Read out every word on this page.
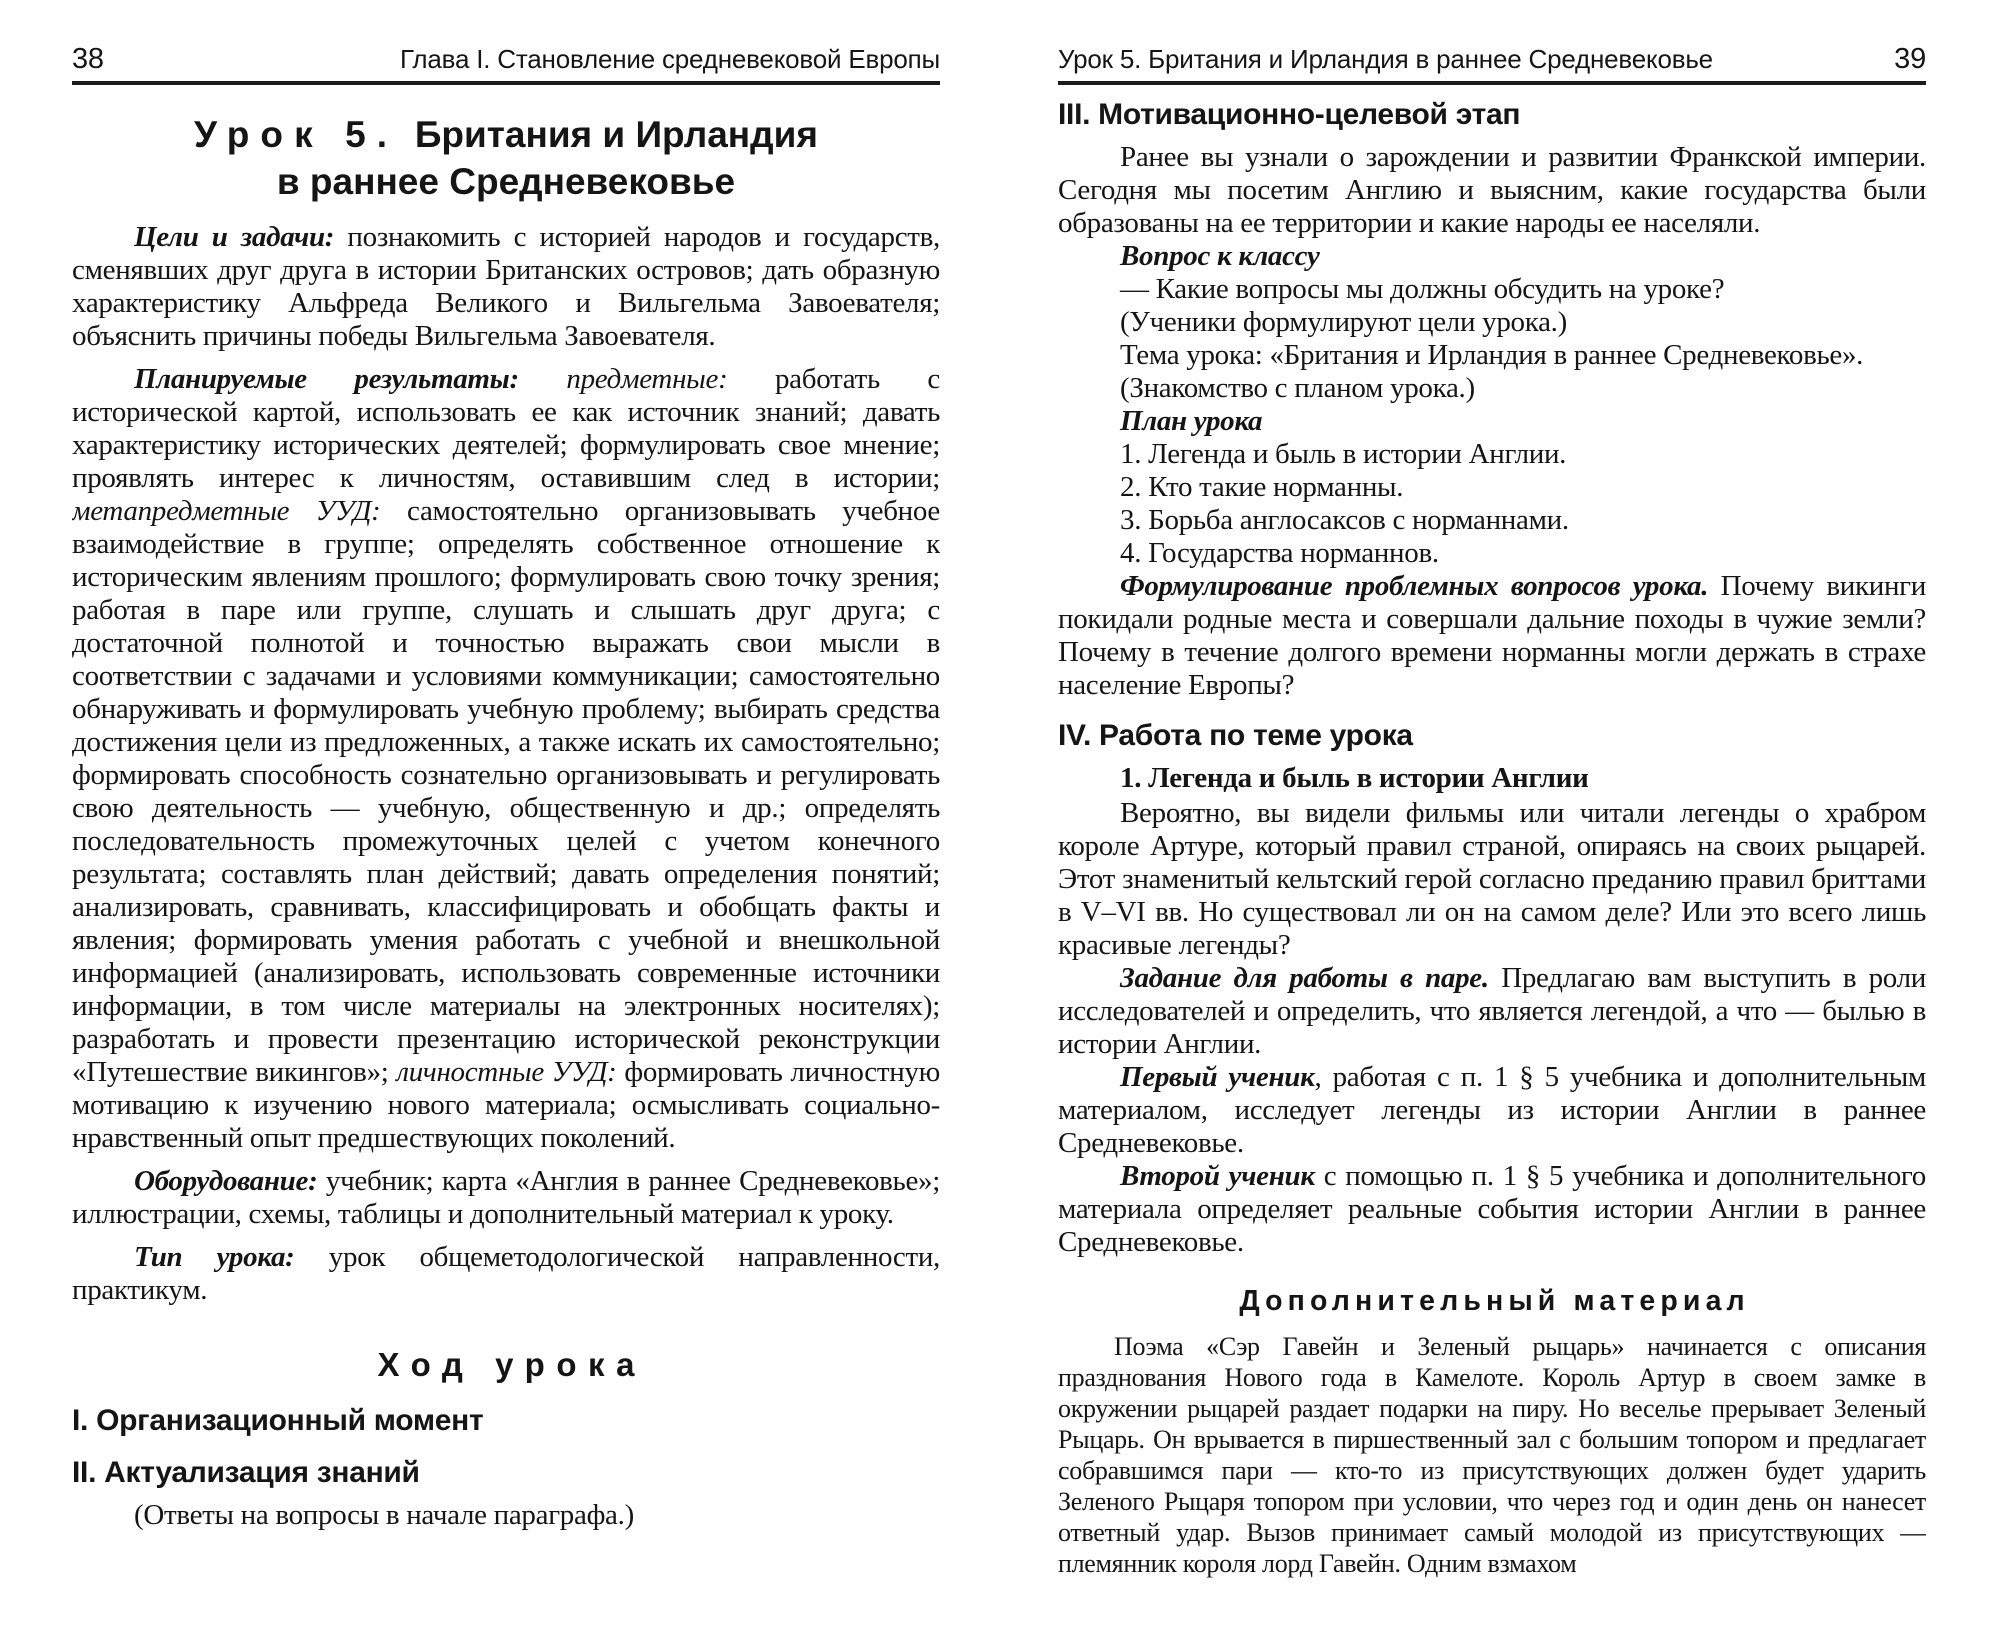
38	Глава I. Становление средневековой Европы
Урок 5. Британия и Ирландия
в раннее Средневековье

Цели и задачи: познакомить с историей народов и государств, сменявших друг друга в истории Британских островов; дать образную характеристику Альфреда Великого и Вильгельма Завоевателя; объяснить причины победы Вильгельма Завоевателя.

Планируемые результаты: предметные: работать с исторической картой, использовать ее как источник знаний; давать характеристику исторических деятелей; формулировать свое мнение; проявлять интерес к личностям, оставившим след в истории; метапредметные УУД: самостоятельно организовывать учебное взаимодействие в группе; определять собственное отношение к историческим явлениям прошлого; формулировать свою точку зрения; работая в паре или группе, слушать и слышать друг друга; с достаточной полнотой и точностью выражать свои мысли в соответствии с задачами и условиями коммуникации; самостоятельно обнаруживать и формулировать учебную проблему; выбирать средства достижения цели из предложенных, а также искать их самостоятельно; формировать способность сознательно организовывать и регулировать свою деятельность — учебную, общественную и др.; определять последовательность промежуточных целей с учетом конечного результата; составлять план действий; давать определения понятий; анализировать, сравнивать, классифицировать и обобщать факты и явления; формировать умения работать с учебной и внешкольной информацией (анализировать, использовать современные источники информации, в том числе материалы на электронных носителях); разработать и провести презентацию исторической реконструкции «Путешествие викингов»; личностные УУД: формировать личностную мотивацию к изучению нового материала; осмысливать социально-нравственный опыт предшествующих поколений.

Оборудование: учебник; карта «Англия в раннее Средневековье»; иллюстрации, схемы, таблицы и дополнительный материал к уроку.

Тип урока: урок общеметодологической направленности, практикум.

Ход урока
I. Организационный момент
II. Актуализация знаний

(Ответы на вопросы в начале параграфа.)

Урок 5. Британия и Ирландия в раннее Средневековье	39
III. Мотивационно-целевой этап

Ранее вы узнали о зарождении и развитии Франкской империи. Сегодня мы посетим Англию и выясним, какие государства были образованы на ее территории и какие народы ее населяли.

Вопрос к классу

— Какие вопросы мы должны обсудить на уроке?

(Ученики формулируют цели урока.)

Тема урока: «Британия и Ирландия в раннее Средневековье».

(Знакомство с планом урока.)

План урока

1. Легенда и быль в истории Англии.

2. Кто такие норманны.

3. Борьба англосаксов с норманнами.

4. Государства норманнов.

Формулирование проблемных вопросов урока. Почему викинги покидали родные места и совершали дальние походы в чужие земли? Почему в течение долгого времени норманны могли держать в страхе население Европы?

IV. Работа по теме урока
1. Легенда и быль в истории Англии

Вероятно, вы видели фильмы или читали легенды о храбром короле Артуре, который правил страной, опираясь на своих рыцарей. Этот знаменитый кельтский герой согласно преданию правил бриттами в V–VI вв. Но существовал ли он на самом деле? Или это всего лишь красивые легенды?

Задание для работы в паре. Предлагаю вам выступить в роли исследователей и определить, что является легендой, а что — былью в истории Англии.

Первый ученик, работая с п. 1 § 5 учебника и дополнительным материалом, исследует легенды из истории Англии в раннее Средневековье.

Второй ученик с помощью п. 1 § 5 учебника и дополнительного материала определяет реальные события истории Англии в раннее Средневековье.

Дополнительный материал

Поэма «Сэр Гавейн и Зеленый рыцарь» начинается с описания празднования Нового года в Камелоте. Король Артур в своем замке в окружении рыцарей раздает подарки на пиру. Но веселье прерывает Зеленый Рыцарь. Он врывается в пиршественный зал с большим топором и предлагает собравшимся пари — кто-то из присутствующих должен будет ударить Зеленого Рыцаря топором при условии, что через год и один день он нанесет ответный удар. Вызов принимает самый молодой из присутствующих — племянник короля лорд Гавейн. Одним взмахом
